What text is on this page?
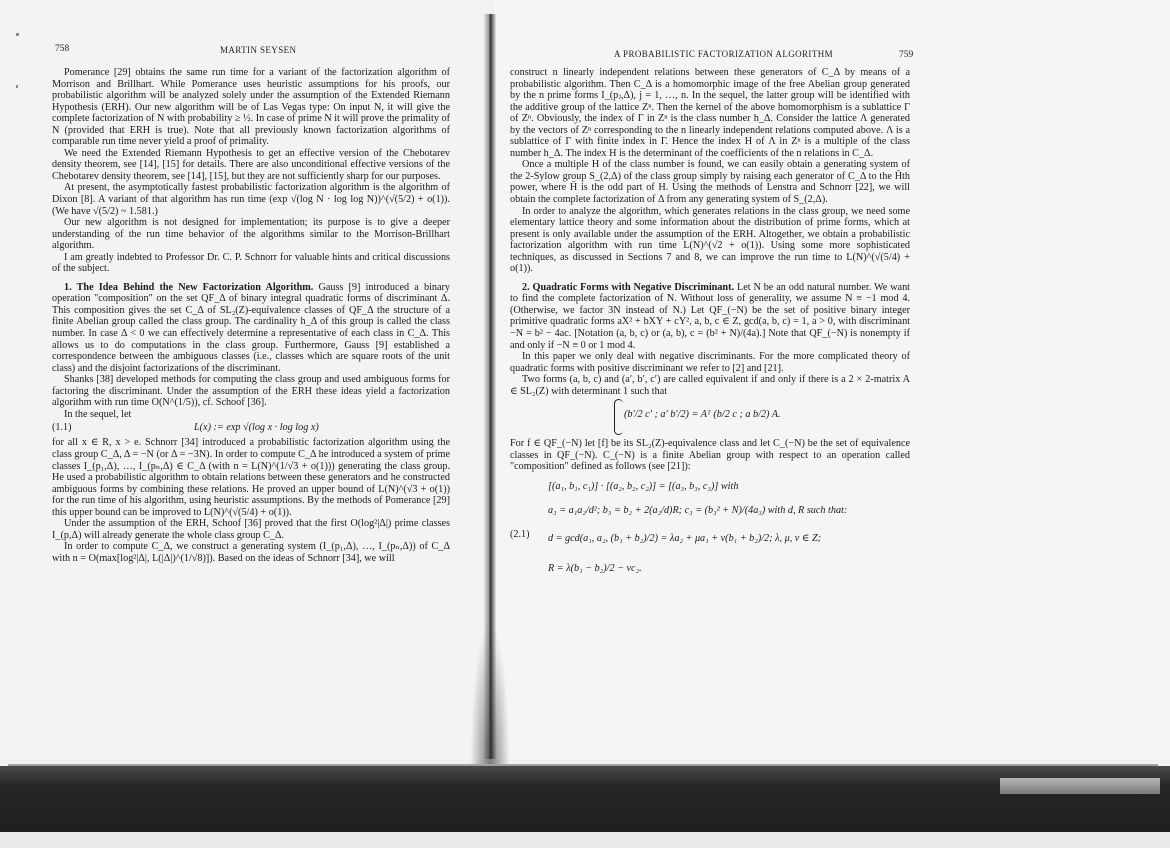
758	MARTIN SEYSEN

Pomerance [29] obtains the same run time for a variant of the factorization algorithm of Morrison and Brillhart. While Pomerance uses heuristic assumptions for his proofs, our probabilistic algorithm will be analyzed solely under the assumption of the Extended Riemann Hypothesis (ERH). Our new algorithm will be of Las Vegas type: On input N, it will give the complete factorization of N with probability ≥ ½. In case of prime N it will prove the primality of N (provided that ERH is true). Note that all previously known factorization algorithms of comparable run time never yield a proof of primality.

We need the Extended Riemann Hypothesis to get an effective version of the Chebotarev density theorem, see [14], [15] for details. There are also unconditional effective versions of the Chebotarev density theorem, see [14], [15], but they are not sufficiently sharp for our purposes.

At present, the asymptotically fastest probabilistic factorization algorithm is the algorithm of Dixon [8]. A variant of that algorithm has run time (exp √(log N · log log N))^(√(5/2) + o(1)). (We have √(5/2) ~ 1.581.)

Our new algorithm is not designed for implementation; its purpose is to give a deeper understanding of the run time behavior of the algorithms similar to the Morrison-Brillhart algorithm.

I am greatly indebted to Professor Dr. C. P. Schnorr for valuable hints and critical discussions of the subject.

1. The Idea Behind the New Factorization Algorithm. Gauss [9] introduced a binary operation "composition" on the set QF_Δ of binary integral quadratic forms of discriminant Δ. This composition gives the set C_Δ of SL₂(Z)-equivalence classes of QF_Δ the structure of a finite Abelian group called the class group. The cardinality h_Δ of this group is called the class number. In case Δ < 0 we can effectively determine a representative of each class in C_Δ. This allows us to do computations in the class group. Furthermore, Gauss [9] established a correspondence between the ambiguous classes (i.e., classes which are square roots of the unit class) and the disjoint factorizations of the discriminant.

Shanks [38] developed methods for computing the class group and used ambiguous forms for factoring the discriminant. Under the assumption of the ERH these ideas yield a factorization algorithm with run time O(N^(1/5)), cf. Schoof [36].

In the sequel, let

(1.1)	L(x) := exp √(log x · log log x)

for all x ∈ R, x > e. Schnorr [34] introduced a probabilistic factorization algorithm using the class group C_Δ, Δ = −N (or Δ = −3N). In order to compute C_Δ he introduced a system of prime classes I_(p₁,Δ), …, I_(pₙ,Δ) ∈ C_Δ (with n = L(N)^(1/√3 + o(1))) generating the class group. He used a probabilistic algorithm to obtain relations between these generators and he constructed ambiguous forms by combining these relations. He proved an upper bound of L(N)^(√3 + o(1)) for the run time of his algorithm, using heuristic assumptions. By the methods of Pomerance [29] this upper bound can be improved to L(N)^(√(5/4) + o(1)).

Under the assumption of the ERH, Schoof [36] proved that the first O(log²|Δ|) prime classes I_(p,Δ) will already generate the whole class group C_Δ.

In order to compute C_Δ, we construct a generating system (I_(p₁,Δ), …, I_(pₙ,Δ)) of C_Δ with n = O(max[log²|Δ|, L(|Δ|)^(1/√8)]). Based on the ideas of Schnorr [34], we will

A PROBABILISTIC FACTORIZATION ALGORITHM	759

construct n linearly independent relations between these generators of C_Δ by means of a probabilistic algorithm. Then C_Δ is a homomorphic image of the free Abelian group generated by the n prime forms I_(pⱼ,Δ), j = 1, …, n. In the sequel, the latter group will be identified with the additive group of the lattice Zⁿ. Then the kernel of the above homomorphism is a sublattice Γ of Zⁿ. Obviously, the index of Γ in Zⁿ is the class number h_Δ. Consider the lattice Λ generated by the vectors of Zⁿ corresponding to the n linearly independent relations computed above. Λ is a sublattice of Γ with finite index in Γ. Hence the index H of Λ in Zⁿ is a multiple of the class number h_Δ. The index H is the determinant of the coefficients of the n relations in C_Δ.

Once a multiple H of the class number is found, we can easily obtain a generating system of the 2-Sylow group S_(2,Δ) of the class group simply by raising each generator of C_Δ to the H̄th power, where H̄ is the odd part of H. Using the methods of Lenstra and Schnorr [22], we will obtain the complete factorization of Δ from any generating system of S_(2,Δ).

In order to analyze the algorithm, which generates relations in the class group, we need some elementary lattice theory and some information about the distribution of prime forms, which at present is only available under the assumption of the ERH. Altogether, we obtain a probabilistic factorization algorithm with run time L(N)^(√2 + o(1)). Using some more sophisticated techniques, as discussed in Sections 7 and 8, we can improve the run time to L(N)^(√(5/4) + o(1)).

2. Quadratic Forms with Negative Discriminant. Let N be an odd natural number. We want to find the complete factorization of N. Without loss of generality, we assume N ≡ −1 mod 4. (Otherwise, we factor 3N instead of N.) Let QF_(−N) be the set of positive binary integer primitive quadratic forms aX² + bXY + cY², a, b, c ∈ Z, gcd(a, b, c) = 1, a > 0, with discriminant −N = b² − 4ac. [Notation (a, b, c) or (a, b), c = (b² + N)/(4a).] Note that QF_(−N) is nonempty if and only if −N ≡ 0 or 1 mod 4.

In this paper we only deal with negative discriminants. For the more complicated theory of quadratic forms with positive discriminant we refer to [2] and [21].

Two forms (a, b, c) and (a′, b′, c′) are called equivalent if and only if there is a 2 × 2-matrix A ∈ SL₂(Z) with determinant 1 such that

(b′/2 c′ ; a′ b′/2) = Aᵀ (b/2 c ; a b/2) A.

For f ∈ QF_(−N) let [f] be its SL₂(Z)-equivalence class and let C_(−N) be the set of equivalence classes in QF_(−N). C_(−N) is a finite Abelian group with respect to an operation called "composition" defined as follows (see [21]):

(2.1)
[(a₁, b₁, c₁)] · [(a₂, b₂, c₂)] = [(a₃, b₃, c₃)] with
a₃ = a₁a₂/d²; b₃ = b₂ + 2(a₂/d)R; c₃ = (b₃² + N)/(4a₃) with d, R such that:
d = gcd(a₁, a₂, (b₁ + b₂)/2) = λa₂ + μa₁ + ν(b₁ + b₂)/2; λ, μ, ν ∈ Z;
R = λ(b₁ − b₂)/2 − νc₂.
